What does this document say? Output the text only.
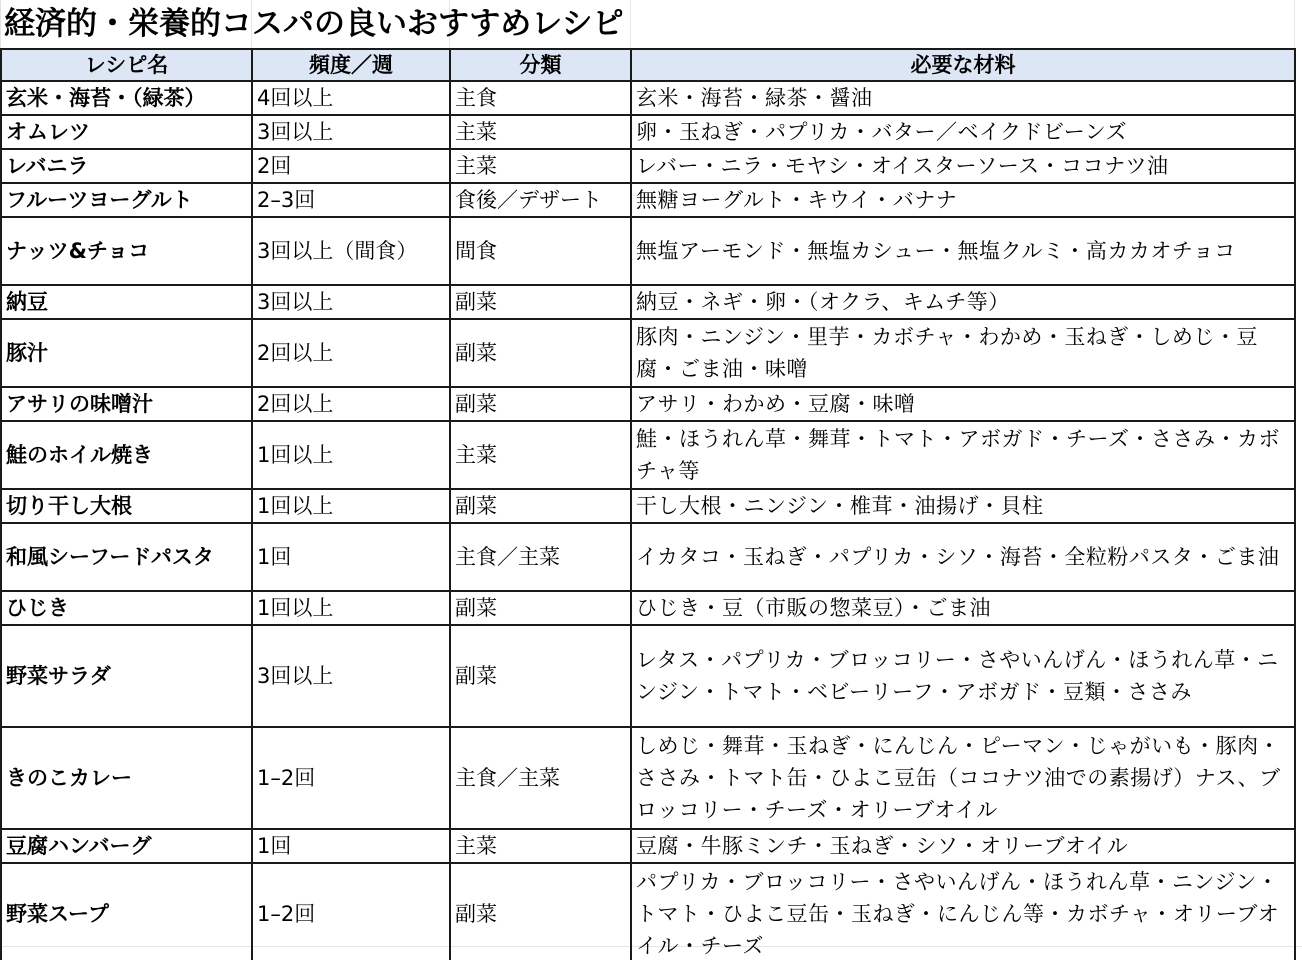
経済的・栄養的コスパの良いおすすめレシピ
レシピ名	頻度／週	分類	必要な材料
玄米・海苔・（緑茶）	4回以上	主食	玄米・海苔・緑茶・醤油
オムレツ	3回以上	主菜	卵・玉ねぎ・パプリカ・バター／ベイクドビーンズ
レバニラ	2回	主菜	レバー・ニラ・モヤシ・オイスターソース・ココナツ油
フルーツヨーグルト	2–3回	食後／デザート	無糖ヨーグルト・キウイ・バナナ
ナッツ&チョコ	3回以上（間食）	間食	無塩アーモンド・無塩カシュー・無塩クルミ・高カカオチョコ
納豆	3回以上	副菜	納豆・ネギ・卵・（オクラ、キムチ等）
豚汁	2回以上	副菜	豚肉・ニンジン・里芋・カボチャ・わかめ・玉ねぎ・しめじ・豆腐・ごま油・味噌
アサリの味噌汁	2回以上	副菜	アサリ・わかめ・豆腐・味噌
鮭のホイル焼き	1回以上	主菜	鮭・ほうれん草・舞茸・トマト・アボガド・チーズ・ささみ・カボチャ等
切り干し大根	1回以上	副菜	干し大根・ニンジン・椎茸・油揚げ・貝柱
和風シーフードパスタ	1回	主食／主菜	イカタコ・玉ねぎ・パプリカ・シソ・海苔・全粒粉パスタ・ごま油
ひじき	1回以上	副菜	ひじき・豆（市販の惣菜豆）・ごま油
野菜サラダ	3回以上	副菜	レタス・パプリカ・ブロッコリー・さやいんげん・ほうれん草・ニンジン・トマト・ベビーリーフ・アボガド・豆類・ささみ
きのこカレー	1–2回	主食／主菜	しめじ・舞茸・玉ねぎ・にんじん・ピーマン・じゃがいも・豚肉・ささみ・トマト缶・ひよこ豆缶（ココナツ油での素揚げ）ナス、ブロッコリー・チーズ・オリーブオイル
豆腐ハンバーグ	1回	主菜	豆腐・牛豚ミンチ・玉ねぎ・シソ・オリーブオイル
野菜スープ	1–2回	副菜	パプリカ・ブロッコリー・さやいんげん・ほうれん草・ニンジン・トマト・ひよこ豆缶・玉ねぎ・にんじん等・カボチャ・オリーブオイル・チーズ
